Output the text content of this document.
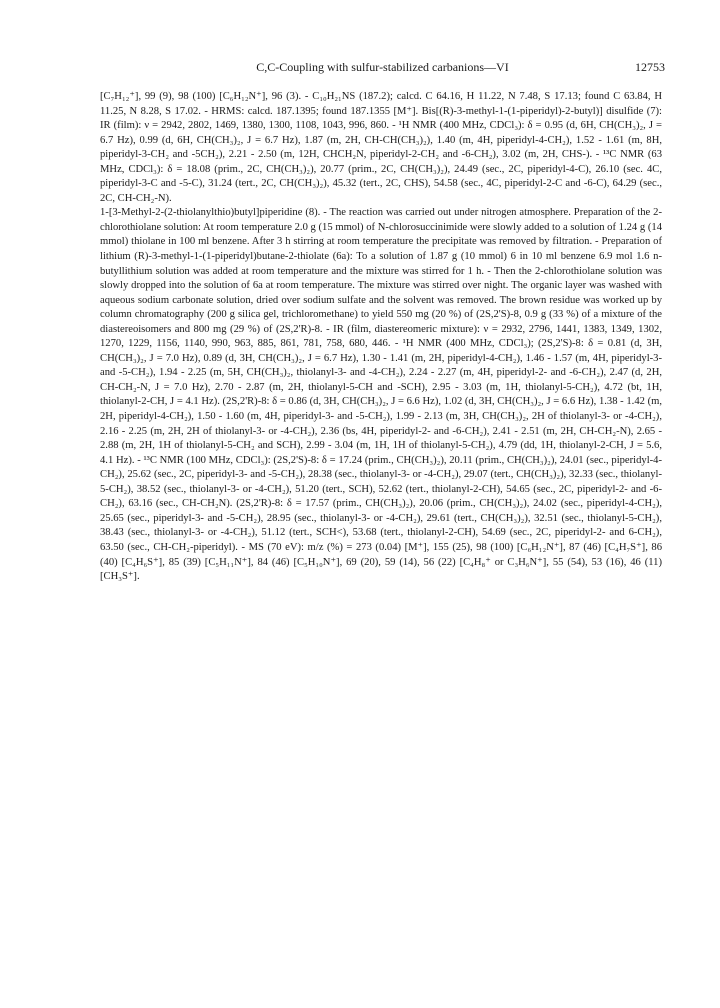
C,C-Coupling with sulfur-stabilized carbanions—VI	12753

[C₇H₁₂⁺], 99 (9), 98 (100) [C₆H₁₂N⁺], 96 (3). - C₁₀H₂₁NS (187.2); calcd. C 64.16, H 11.22, N 7.48, S 17.13; found C 63.84, H 11.25, N 8.28, S 17.02. - HRMS: calcd. 187.1395; found 187.1355 [M⁺]. Bis[(R)-3-methyl-1-(1-piperidyl)-2-butyl)] disulfide (7): IR (film): ν = 2942, 2802, 1469, 1380, 1300, 1108, 1043, 996, 860. - ¹H NMR (400 MHz, CDCl₃): δ = 0.95 (d, 6H, CH(CH₃)₂, J = 6.7 Hz), 0.99 (d, 6H, CH(CH₃)₂, J = 6.7 Hz), 1.87 (m, 2H, CH-CH(CH₃)₂), 1.40 (m, 4H, piperidyl-4-CH₂), 1.52 - 1.61 (m, 8H, piperidyl-3-CH₂ and -5CH₂), 2.21 - 2.50 (m, 12H, CHCH₂N, piperidyl-2-CH₂ and -6-CH₂), 3.02 (m, 2H, CHS-). - ¹³C NMR (63 MHz, CDCl₃): δ = 18.08 (prim., 2C, CH(CH₃)₂), 20.77 (prim., 2C, CH(CH₃)₂), 24.49 (sec., 2C, piperidyl-4-C), 26.10 (sec. 4C, piperidyl-3-C and -5-C), 31.24 (tert., 2C, CH(CH₃)₂), 45.32 (tert., 2C, CHS), 54.58 (sec., 4C, piperidyl-2-C and -6-C), 64.29 (sec., 2C, CH-CH₂-N).

1-[3-Methyl-2-(2-thiolanylthio)butyl]piperidine (8). - The reaction was carried out under nitrogen atmosphere. Preparation of the 2-chlorothiolane solution: At room temperature 2.0 g (15 mmol) of N-chlorosuccinimide were slowly added to a solution of 1.24 g (14 mmol) thiolane in 100 ml benzene. After 3 h stirring at room temperature the precipitate was removed by filtration. - Preparation of lithium (R)-3-methyl-1-(1-piperidyl)butane-2-thiolate (6a): To a solution of 1.87 g (10 mmol) 6 in 10 ml benzene 6.9 mol 1.6 n-butyllithium solution was added at room temperature and the mixture was stirred for 1 h. - Then the 2-chlorothiolane solution was slowly dropped into the solution of 6a at room temperature. The mixture was stirred over night. The organic layer was washed with aqueous sodium carbonate solution, dried over sodium sulfate and the solvent was removed. The brown residue was worked up by column chromatography (200 g silica gel, trichloromethane) to yield 550 mg (20 %) of (2S,2'S)-8, 0.9 g (33 %) of a mixture of the diastereoisomers and 800 mg (29 %) of (2S,2'R)-8. - IR (film, diastereomeric mixture): ν = 2932, 2796, 1441, 1383, 1349, 1302, 1270, 1229, 1156, 1140, 990, 963, 885, 861, 781, 758, 680, 446. - ¹H NMR (400 MHz, CDCl₃); (2S,2'S)-8: δ = 0.81 (d, 3H, CH(CH₃)₂, J = 7.0 Hz), 0.89 (d, 3H, CH(CH₃)₂, J = 6.7 Hz), 1.30 - 1.41 (m, 2H, piperidyl-4-CH₂), 1.46 - 1.57 (m, 4H, piperidyl-3- and -5-CH₂), 1.94 - 2.25 (m, 5H, CH(CH₃)₂, thiolanyl-3- and -4-CH₂), 2.24 - 2.27 (m, 4H, piperidyl-2- and -6-CH₂), 2.47 (d, 2H, CH-CH₂-N, J = 7.0 Hz), 2.70 - 2.87 (m, 2H, thiolanyl-5-CH and -SCH), 2.95 - 3.03 (m, 1H, thiolanyl-5-CH₂), 4.72 (bt, 1H, thiolanyl-2-CH, J = 4.1 Hz). (2S,2'R)-8: δ = 0.86 (d, 3H, CH(CH₃)₂, J = 6.6 Hz), 1.02 (d, 3H, CH(CH₃)₂, J = 6.6 Hz), 1.38 - 1.42 (m, 2H, piperidyl-4-CH₂), 1.50 - 1.60 (m, 4H, piperidyl-3- and -5-CH₂), 1.99 - 2.13 (m, 3H, CH(CH₃)₂, 2H of thiolanyl-3- or -4-CH₂), 2.16 - 2.25 (m, 2H, 2H of thiolanyl-3- or -4-CH₂), 2.36 (bs, 4H, piperidyl-2- and -6-CH₂), 2.41 - 2.51 (m, 2H, CH-CH₂-N), 2.65 - 2.88 (m, 2H, 1H of thiolanyl-5-CH₂ and SCH), 2.99 - 3.04 (m, 1H, 1H of thiolanyl-5-CH₂), 4.79 (dd, 1H, thiolanyl-2-CH, J = 5.6, 4.1 Hz). - ¹³C NMR (100 MHz, CDCl₃): (2S,2'S)-8: δ = 17.24 (prim., CH(CH₃)₂), 20.11 (prim., CH(CH₃)₂), 24.01 (sec., piperidyl-4-CH₂), 25.62 (sec., 2C, piperidyl-3- and -5-CH₂), 28.38 (sec., thiolanyl-3- or -4-CH₂), 29.07 (tert., CH(CH₃)₂), 32.33 (sec., thiolanyl-5-CH₂), 38.52 (sec., thiolanyl-3- or -4-CH₂), 51.20 (tert., SCH), 52.62 (tert., thiolanyl-2-CH), 54.65 (sec., 2C, piperidyl-2- and -6-CH₂), 63.16 (sec., CH-CH₂N). (2S,2'R)-8: δ = 17.57 (prim., CH(CH₃)₂), 20.06 (prim., CH(CH₃)₂), 24.02 (sec., piperidyl-4-CH₂), 25.65 (sec., piperidyl-3- and -5-CH₂), 28.95 (sec., thiolanyl-3- or -4-CH₂), 29.61 (tert., CH(CH₃)₂), 32.51 (sec., thiolanyl-5-CH₂), 38.43 (sec., thiolanyl-3- or -4-CH₂), 51.12 (tert., SCH<), 53.68 (tert., thiolanyl-2-CH), 54.69 (sec., 2C, piperidyl-2- and 6-CH₂), 63.50 (sec., CH-CH₂-piperidyl). - MS (70 eV): m/z (%) = 273 (0.04) [M⁺], 155 (25), 98 (100) [C₆H₁₂N⁺], 87 (46) [C₄H₇S⁺], 86 (40) [C₄H₆S⁺], 85 (39) [C₅H₁₁N⁺], 84 (46) [C₅H₁₀N⁺], 69 (20), 59 (14), 56 (22) [C₄H₈⁺ or C₃H₆N⁺], 55 (54), 53 (16), 46 (11) [CH₃S⁺].
